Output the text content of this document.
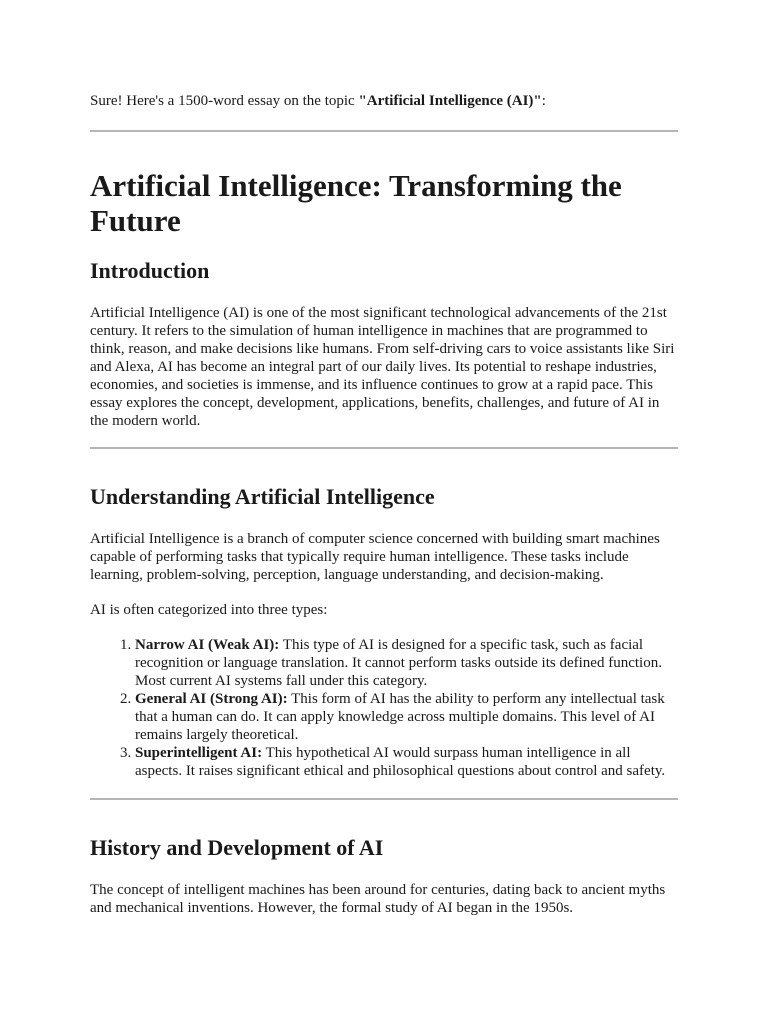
Sure! Here's a 1500-word essay on the topic "Artificial Intelligence (AI)":

Artificial Intelligence: Transforming the Future
Introduction

Artificial Intelligence (AI) is one of the most significant technological advancements of the 21st century. It refers to the simulation of human intelligence in machines that are programmed to think, reason, and make decisions like humans. From self-driving cars to voice assistants like Siri and Alexa, AI has become an integral part of our daily lives. Its potential to reshape industries, economies, and societies is immense, and its influence continues to grow at a rapid pace. This essay explores the concept, development, applications, benefits, challenges, and future of AI in the modern world.

Understanding Artificial Intelligence

Artificial Intelligence is a branch of computer science concerned with building smart machines capable of performing tasks that typically require human intelligence. These tasks include learning, problem-solving, perception, language understanding, and decision-making.

AI is often categorized into three types:

1. Narrow AI (Weak AI): This type of AI is designed for a specific task, such as facial recognition or language translation. It cannot perform tasks outside its defined function. Most current AI systems fall under this category.
2. General AI (Strong AI): This form of AI has the ability to perform any intellectual task that a human can do. It can apply knowledge across multiple domains. This level of AI remains largely theoretical.
3. Superintelligent AI: This hypothetical AI would surpass human intelligence in all aspects. It raises significant ethical and philosophical questions about control and safety.
History and Development of AI

The concept of intelligent machines has been around for centuries, dating back to ancient myths and mechanical inventions. However, the formal study of AI began in the 1950s.
